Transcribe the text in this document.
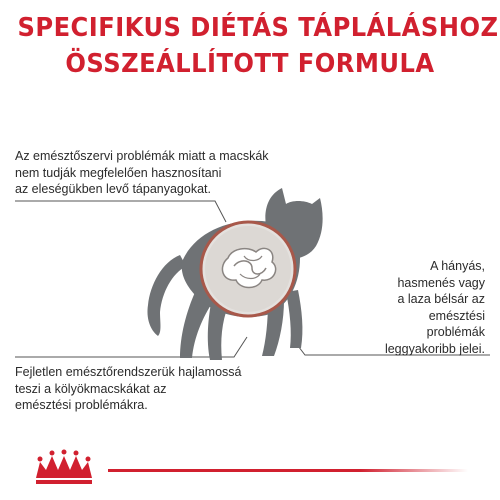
SPECIFIKUS DIÉTÁS TÁPLÁLÁSHOZ
ÖSSZEÁLLÍTOTT FORMULA
Az emésztőszervi problémák miatt a macskák
nem tudják megfelelően hasznosítani
az eleségükben levő tápanyagokat.
Fejletlen emésztőrendszerük hajlamossá
teszi a kölyökmacskákat az
emésztési problémákra.
A hányás,
hasmenés vagy
a laza bélsár az
emésztési
problémák
leggyakoribb jelei.
